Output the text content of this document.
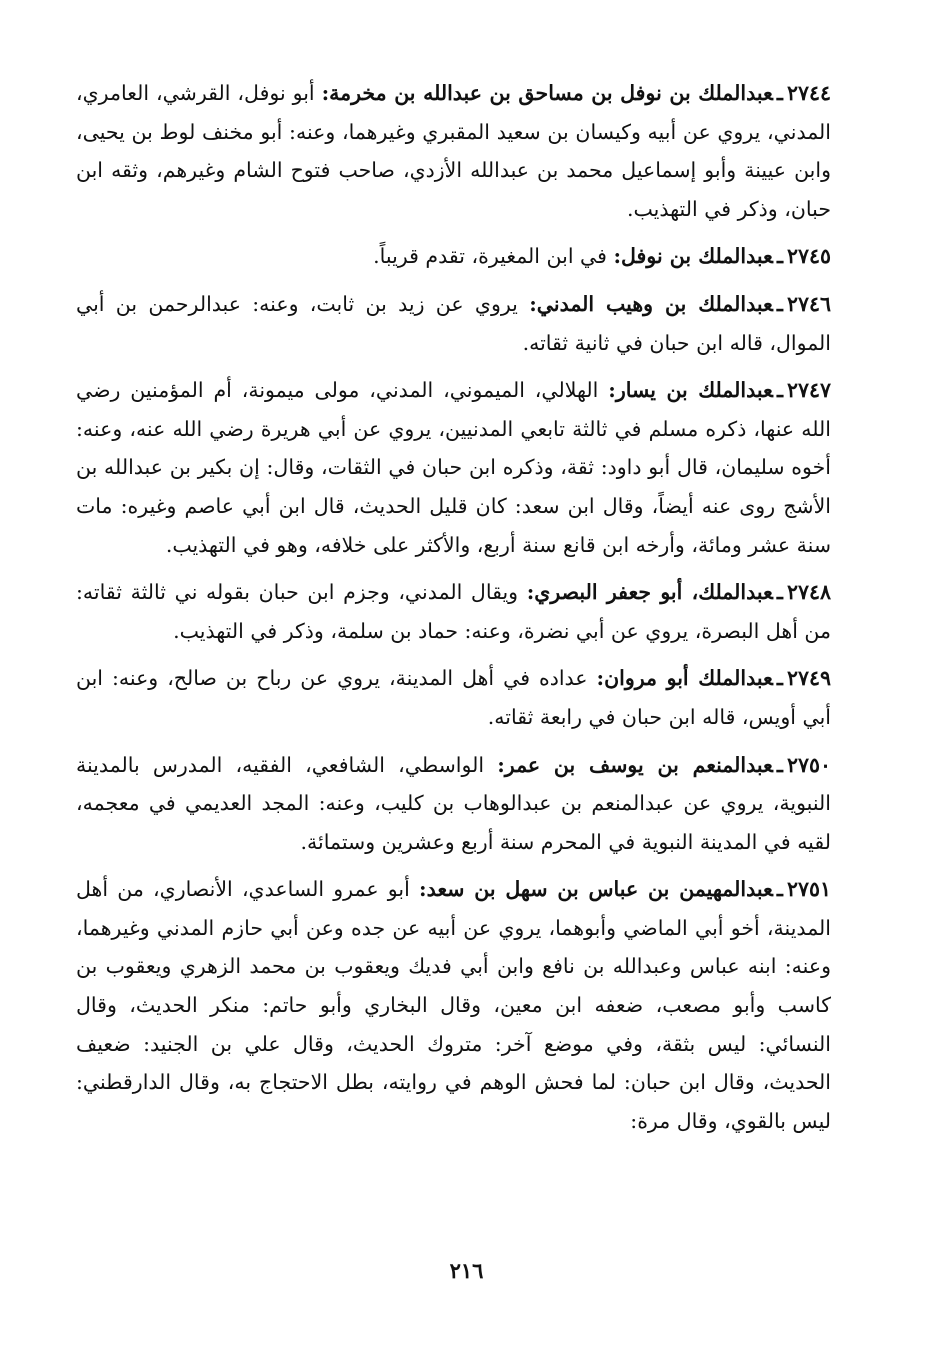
٢٧٤٤ـعبدالملك بن نوفل بن مساحق بن عبدالله بن مخرمة: أبو نوفل، القرشي، العامري، المدني، يروي عن أبيه وكيسان بن سعيد المقبري وغيرهما، وعنه: أبو مخنف لوط بن يحيى، وابن عيينة وأبو إسماعيل محمد بن عبدالله الأزدي، صاحب فتوح الشام وغيرهم، وثقه ابن حبان، وذكر في التهذيب.

٢٧٤٥ـعبدالملك بن نوفل: في ابن المغيرة، تقدم قريباً.

٢٧٤٦ـعبدالملك بن وهيب المدني: يروي عن زيد بن ثابت، وعنه: عبدالرحمن بن أبي الموال، قاله ابن حبان في ثانية ثقاته.

٢٧٤٧ـعبدالملك بن يسار: الهلالي، الميموني، المدني، مولى ميمونة، أم المؤمنين رضي الله عنها، ذكره مسلم في ثالثة تابعي المدنيين، يروي عن أبي هريرة رضي الله عنه، وعنه: أخوه سليمان، قال أبو داود: ثقة، وذكره ابن حبان في الثقات، وقال: إن بكير بن عبدالله بن الأشج روى عنه أيضاً، وقال ابن سعد: كان قليل الحديث، قال ابن أبي عاصم وغيره: مات سنة عشر ومائة، وأرخه ابن قانع سنة أربع، والأكثر على خلافه، وهو في التهذيب.

٢٧٤٨ـعبدالملك، أبو جعفر البصري: ويقال المدني، وجزم ابن حبان بقوله ني ثالثة ثقاته: من أهل البصرة، يروي عن أبي نضرة، وعنه: حماد بن سلمة، وذكر في التهذيب.

٢٧٤٩ـعبدالملك أبو مروان: عداده في أهل المدينة، يروي عن رباح بن صالح، وعنه: ابن أبي أويس، قاله ابن حبان في رابعة ثقاته.

٢٧٥٠ـعبدالمنعم بن يوسف بن عمر: الواسطي، الشافعي، الفقيه، المدرس بالمدينة النبوية، يروي عن عبدالمنعم بن عبدالوهاب بن كليب، وعنه: المجد العديمي في معجمه، لقيه في المدينة النبوية في المحرم سنة أربع وعشرين وستمائة.

٢٧٥١ـعبدالمهيمن بن عباس بن سهل بن سعد: أبو عمرو الساعدي، الأنصاري، من أهل المدينة، أخو أبي الماضي وأبوهما، يروي عن أبيه عن جده وعن أبي حازم المدني وغيرهما، وعنه: ابنه عباس وعبدالله بن نافع وابن أبي فديك ويعقوب بن محمد الزهري ويعقوب بن كاسب وأبو مصعب، ضعفه ابن معين، وقال البخاري وأبو حاتم: منكر الحديث، وقال النسائي: ليس بثقة، وفي موضع آخر: متروك الحديث، وقال علي بن الجنيد: ضعيف الحديث، وقال ابن حبان: لما فحش الوهم في روايته، بطل الاحتجاج به، وقال الدارقطني: ليس بالقوي، وقال مرة:

٢١٦
